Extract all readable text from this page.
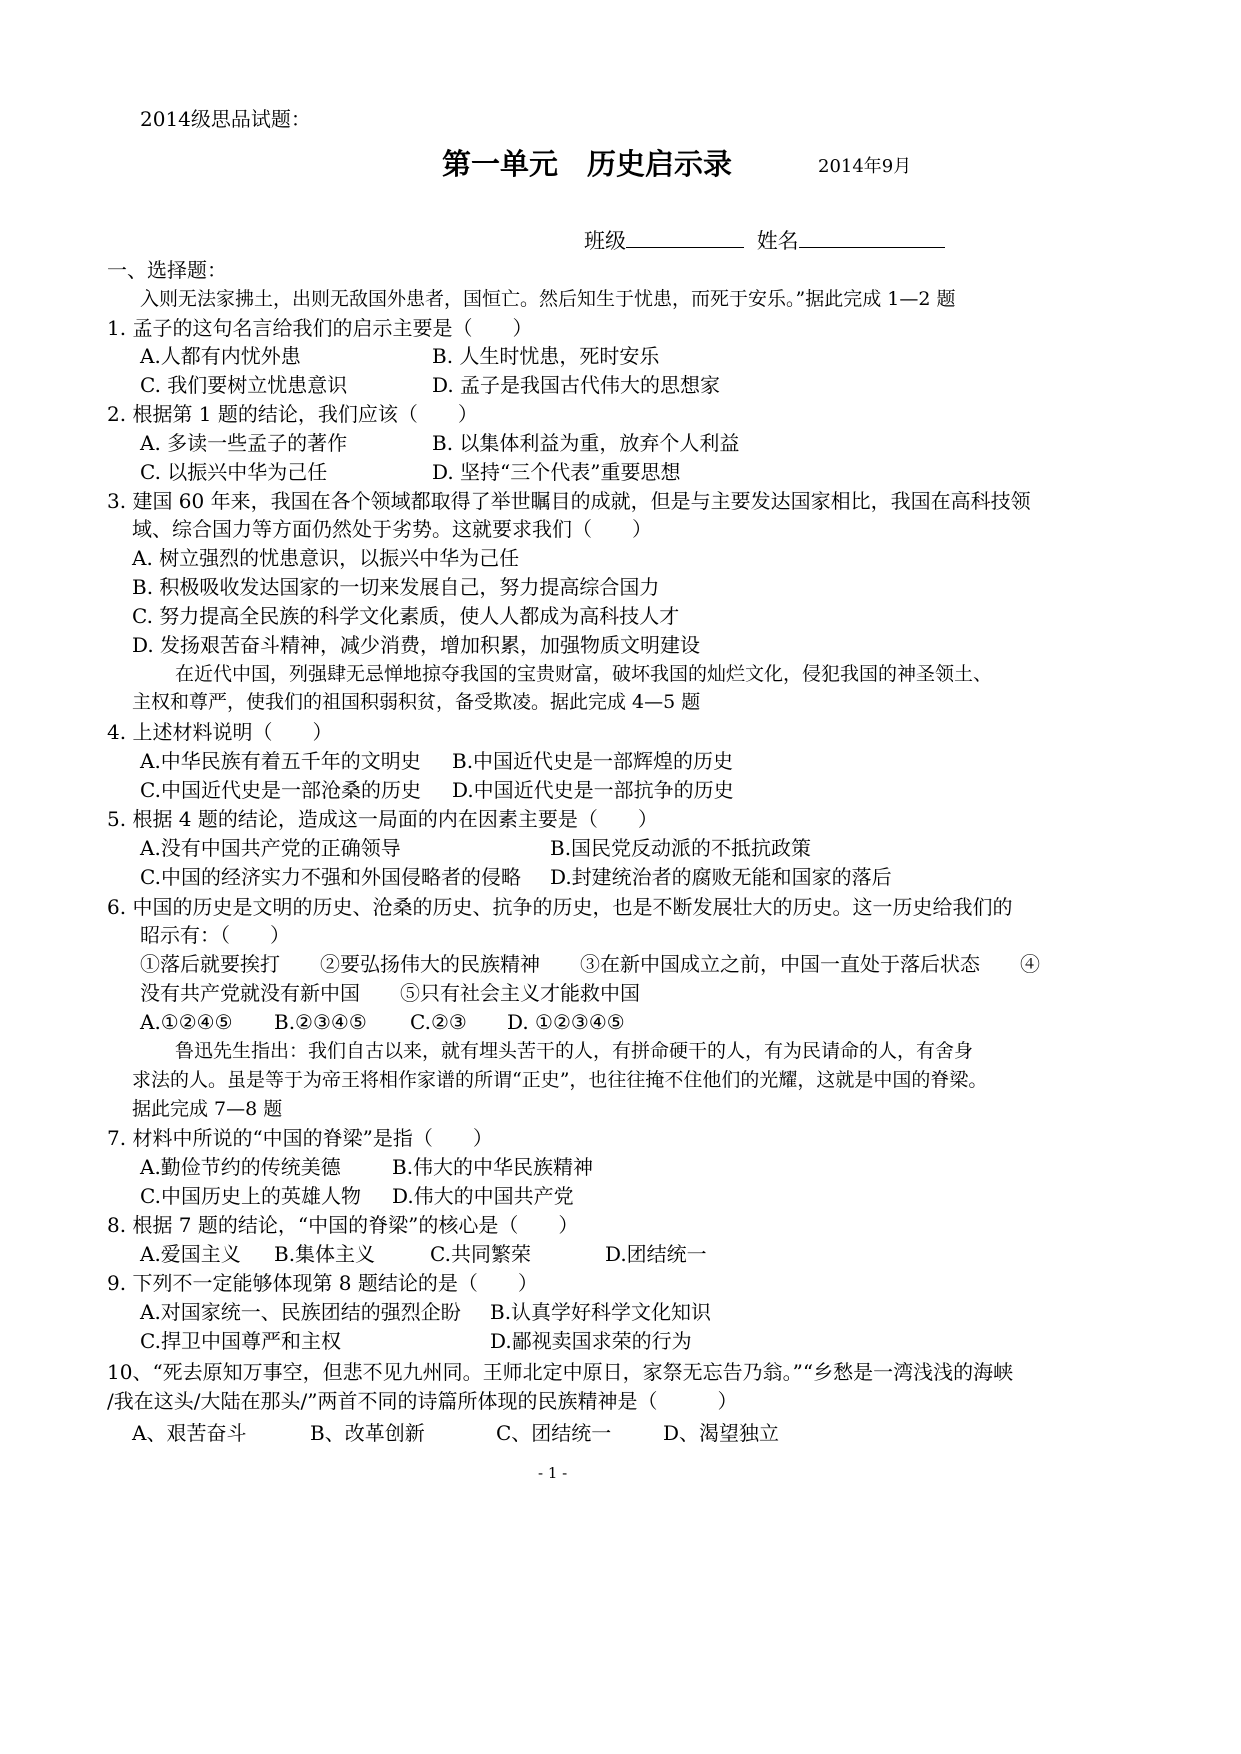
2014级思品试题：
第一单元　历史启示录	2014年9月
班级	姓名
一、选择题：
入则无法家拂土，出则无敌国外患者，国恒亡。然后知生于忧患，而死于安乐。”据此完成 1—2 题
1. 孟子的这句名言给我们的启示主要是（　　）
A.人都有内忧外患	B. 人生时忧患，死时安乐
C. 我们要树立忧患意识	D. 孟子是我国古代伟大的思想家
2. 根据第 1 题的结论，我们应该（　　）
A. 多读一些孟子的著作	B. 以集体利益为重，放弃个人利益
C. 以振兴中华为己任	D. 坚持“三个代表”重要思想
3. 建国 60 年来，我国在各个领域都取得了举世瞩目的成就，但是与主要发达国家相比，我国在高科技领
域、综合国力等方面仍然处于劣势。这就要求我们（　　）
A. 树立强烈的忧患意识，以振兴中华为己任
B. 积极吸收发达国家的一切来发展自己，努力提高综合国力
C. 努力提高全民族的科学文化素质，使人人都成为高科技人才
D. 发扬艰苦奋斗精神，减少消费，增加积累，加强物质文明建设
在近代中国，列强肆无忌惮地掠夺我国的宝贵财富，破坏我国的灿烂文化，侵犯我国的神圣领土、
主权和尊严，使我们的祖国积弱积贫，备受欺凌。据此完成 4—5 题
4. 上述材料说明（　　）
A.中华民族有着五千年的文明史 B.中国近代史是一部辉煌的历史
C.中国近代史是一部沧桑的历史 D.中国近代史是一部抗争的历史
5. 根据 4 题的结论，造成这一局面的内在因素主要是（　　）
A.没有中国共产党的正确领导	B.国民党反动派的不抵抗政策
C.中国的经济实力不强和外国侵略者的侵略 D.封建统治者的腐败无能和国家的落后
6. 中国的历史是文明的历史、沧桑的历史、抗争的历史，也是不断发展壮大的历史。这一历史给我们的
昭示有：（　　）
①落后就要挨打　　②要弘扬伟大的民族精神　　③在新中国成立之前，中国一直处于落后状态　　④
没有共产党就没有新中国　　⑤只有社会主义才能救中国
A.①②④⑤ B.②③④⑤ C.②③ D. ①②③④⑤
鲁迅先生指出：我们自古以来，就有埋头苦干的人，有拼命硬干的人，有为民请命的人，有舍身
求法的人。虽是等于为帝王将相作家谱的所谓“正史”，也往往掩不住他们的光耀，这就是中国的脊梁。
据此完成 7—8 题
7. 材料中所说的“中国的脊梁”是指（　　）
A.勤俭节约的传统美德	B.伟大的中华民族精神
C.中国历史上的英雄人物 D.伟大的中国共产党
8. 根据 7 题的结论，“中国的脊梁”的核心是（　　）
A.爱国主义 B.集体主义	C.共同繁荣	D.团结统一
9. 下列不一定能够体现第 8 题结论的是（　　）
A.对国家统一、民族团结的强烈企盼 B.认真学好科学文化知识
C.捍卫中国尊严和主权	D.鄙视卖国求荣的行为
10、“死去原知万事空，但悲不见九州同。王师北定中原日，家祭无忘告乃翁。”“乡愁是一湾浅浅的海峡
/我在这头/大陆在那头/”两首不同的诗篇所体现的民族精神是（　　　）
A、艰苦奋斗	B、改革创新	C、团结统一	D、渴望独立
- 1 -
